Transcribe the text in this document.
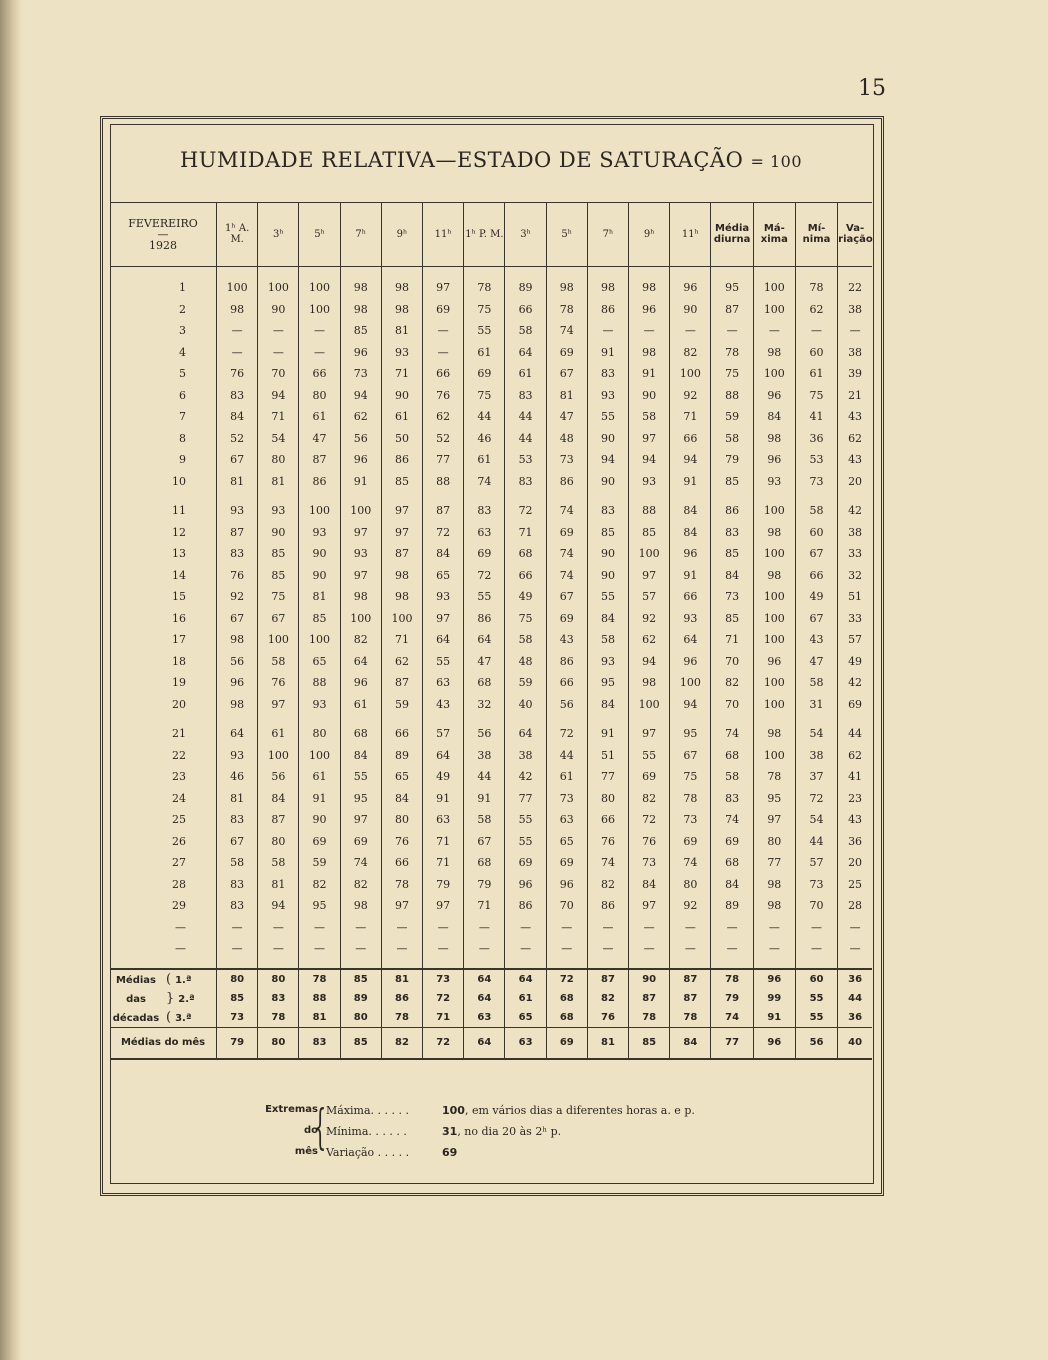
15
HUMIDADE RELATIVA—ESTADO DE SATURAÇÃO = 100
FEVEREIRO
—
1928	1ʰ A. M.	3ʰ	5ʰ	7ʰ	9ʰ	11ʰ	1ʰ P. M.	3ʰ	5ʰ	7ʰ	9ʰ	11ʰ	Média diurna	Má- xima	Mí- nima	Va- riação

1	100	100	100	98	98	97	78	89	98	98	98	96	95	100	78	22
2	98	90	100	98	98	69	75	66	78	86	96	90	87	100	62	38
3	—	—	—	85	81	—	55	58	74	—	—	—	—	—	—	—
4	—	—	—	96	93	—	61	64	69	91	98	82	78	98	60	38
5	76	70	66	73	71	66	69	61	67	83	91	100	75	100	61	39
6	83	94	80	94	90	76	75	83	81	93	90	92	88	96	75	21
7	84	71	61	62	61	62	44	44	47	55	58	71	59	84	41	43
8	52	54	47	56	50	52	46	44	48	90	97	66	58	98	36	62
9	67	80	87	96	86	77	61	53	73	94	94	94	79	96	53	43
10	81	81	86	91	85	88	74	83	86	90	93	91	85	93	73	20

11	93	93	100	100	97	87	83	72	74	83	88	84	86	100	58	42
12	87	90	93	97	97	72	63	71	69	85	85	84	83	98	60	38
13	83	85	90	93	87	84	69	68	74	90	100	96	85	100	67	33
14	76	85	90	97	98	65	72	66	74	90	97	91	84	98	66	32
15	92	75	81	98	98	93	55	49	67	55	57	66	73	100	49	51
16	67	67	85	100	100	97	86	75	69	84	92	93	85	100	67	33
17	98	100	100	82	71	64	64	58	43	58	62	64	71	100	43	57
18	56	58	65	64	62	55	47	48	86	93	94	96	70	96	47	49
19	96	76	88	96	87	63	68	59	66	95	98	100	82	100	58	42
20	98	97	93	61	59	43	32	40	56	84	100	94	70	100	31	69

21	64	61	80	68	66	57	56	64	72	91	97	95	74	98	54	44
22	93	100	100	84	89	64	38	38	44	51	55	67	68	100	38	62
23	46	56	61	55	65	49	44	42	61	77	69	75	58	78	37	41
24	81	84	91	95	84	91	91	77	73	80	82	78	83	95	72	23
25	83	87	90	97	80	63	58	55	63	66	72	73	74	97	54	43
26	67	80	69	69	76	71	67	55	65	76	76	69	69	80	44	36
27	58	58	59	74	66	71	68	69	69	74	73	74	68	77	57	20
28	83	81	82	82	78	79	79	96	96	82	84	80	84	98	73	25
29	83	94	95	98	97	97	71	86	70	86	97	92	89	98	70	28
—	—	—	—	—	—	—	—	—	—	—	—	—	—	—	—	—
—	—	—	—	—	—	—	—	—	—	—	—	—	—	—	—	—

Médias ( 1.ª	80	80	78	85	81	73	64	64	72	87	90	87	78	96	60	36
das } 2.ª	85	83	88	89	86	72	64	61	68	82	87	87	79	99	55	44
décadas ( 3.ª	73	78	81	80	78	71	63	65	68	76	78	78	74	91	55	36
Médias do mês	79	80	83	85	82	72	64	63	69	81	85	84	77	96	56	40
{
Extremas Máxima. . . . . .	100, em vários dias a diferentes horas a. e p.
do Mínima. . . . . .	31, no dia 20 às 2ʰ p.
mês Variação . . . . .	69
